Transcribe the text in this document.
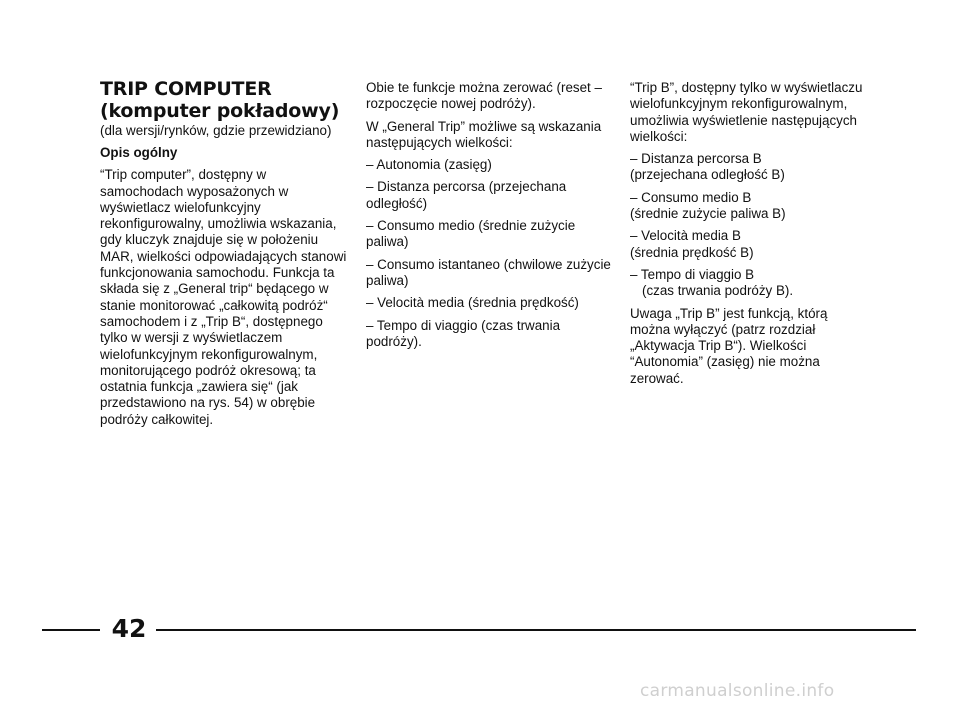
TRIP COMPUTER
(komputer pokładowy)

(dla wersji/rynków, gdzie przewidziano)

Opis ogólny

“Trip computer”, dostępny w samochodach wyposażonych w wyświetlacz wielofunkcyjny rekonfigurowalny, umożliwia wskazania, gdy kluczyk znajduje się w położeniu MAR, wielkości odpowiadających stanowi funkcjonowania samochodu. Funkcja ta składa się z „General trip“ będącego w stanie monitorować „całkowitą podróż“ samochodem i z „Trip B“, dostępnego tylko w wersji z wyświetlaczem wielofunkcyjnym rekonfigurowalnym, monitorującego podróż okresową; ta ostatnia funkcja „zawiera się“ (jak przedstawiono na rys. 54) w obrębie podróży całkowitej.

Obie te funkcje można zerować (reset – rozpoczęcie nowej podróży).

W „General Trip” możliwe są wskazania następujących wielkości:

– Autonomia (zasięg)

– Distanza percorsa (przejechana odległość)

– Consumo medio (średnie zużycie paliwa)

– Consumo istantaneo (chwilowe zużycie paliwa)

– Velocità media (średnia prędkość)

– Tempo di viaggio (czas trwania podróży).

“Trip B”, dostępny tylko w wyświetlaczu wielofunkcyjnym rekonfigurowalnym, umożliwia wyświetlenie następujących wielkości:

– Distanza percorsa B
(przejechana odległość B)

– Consumo medio B
(średnie zużycie paliwa B)

– Velocità media B
(średnia prędkość B)

– Tempo di viaggio B
(czas trwania podróży B).

Uwaga „Trip B” jest funkcją, którą można wyłączyć (patrz rozdział „Aktywacja Trip B“). Wielkości “Autonomia” (zasięg) nie można zerować.

42
carmanualsonline.info
